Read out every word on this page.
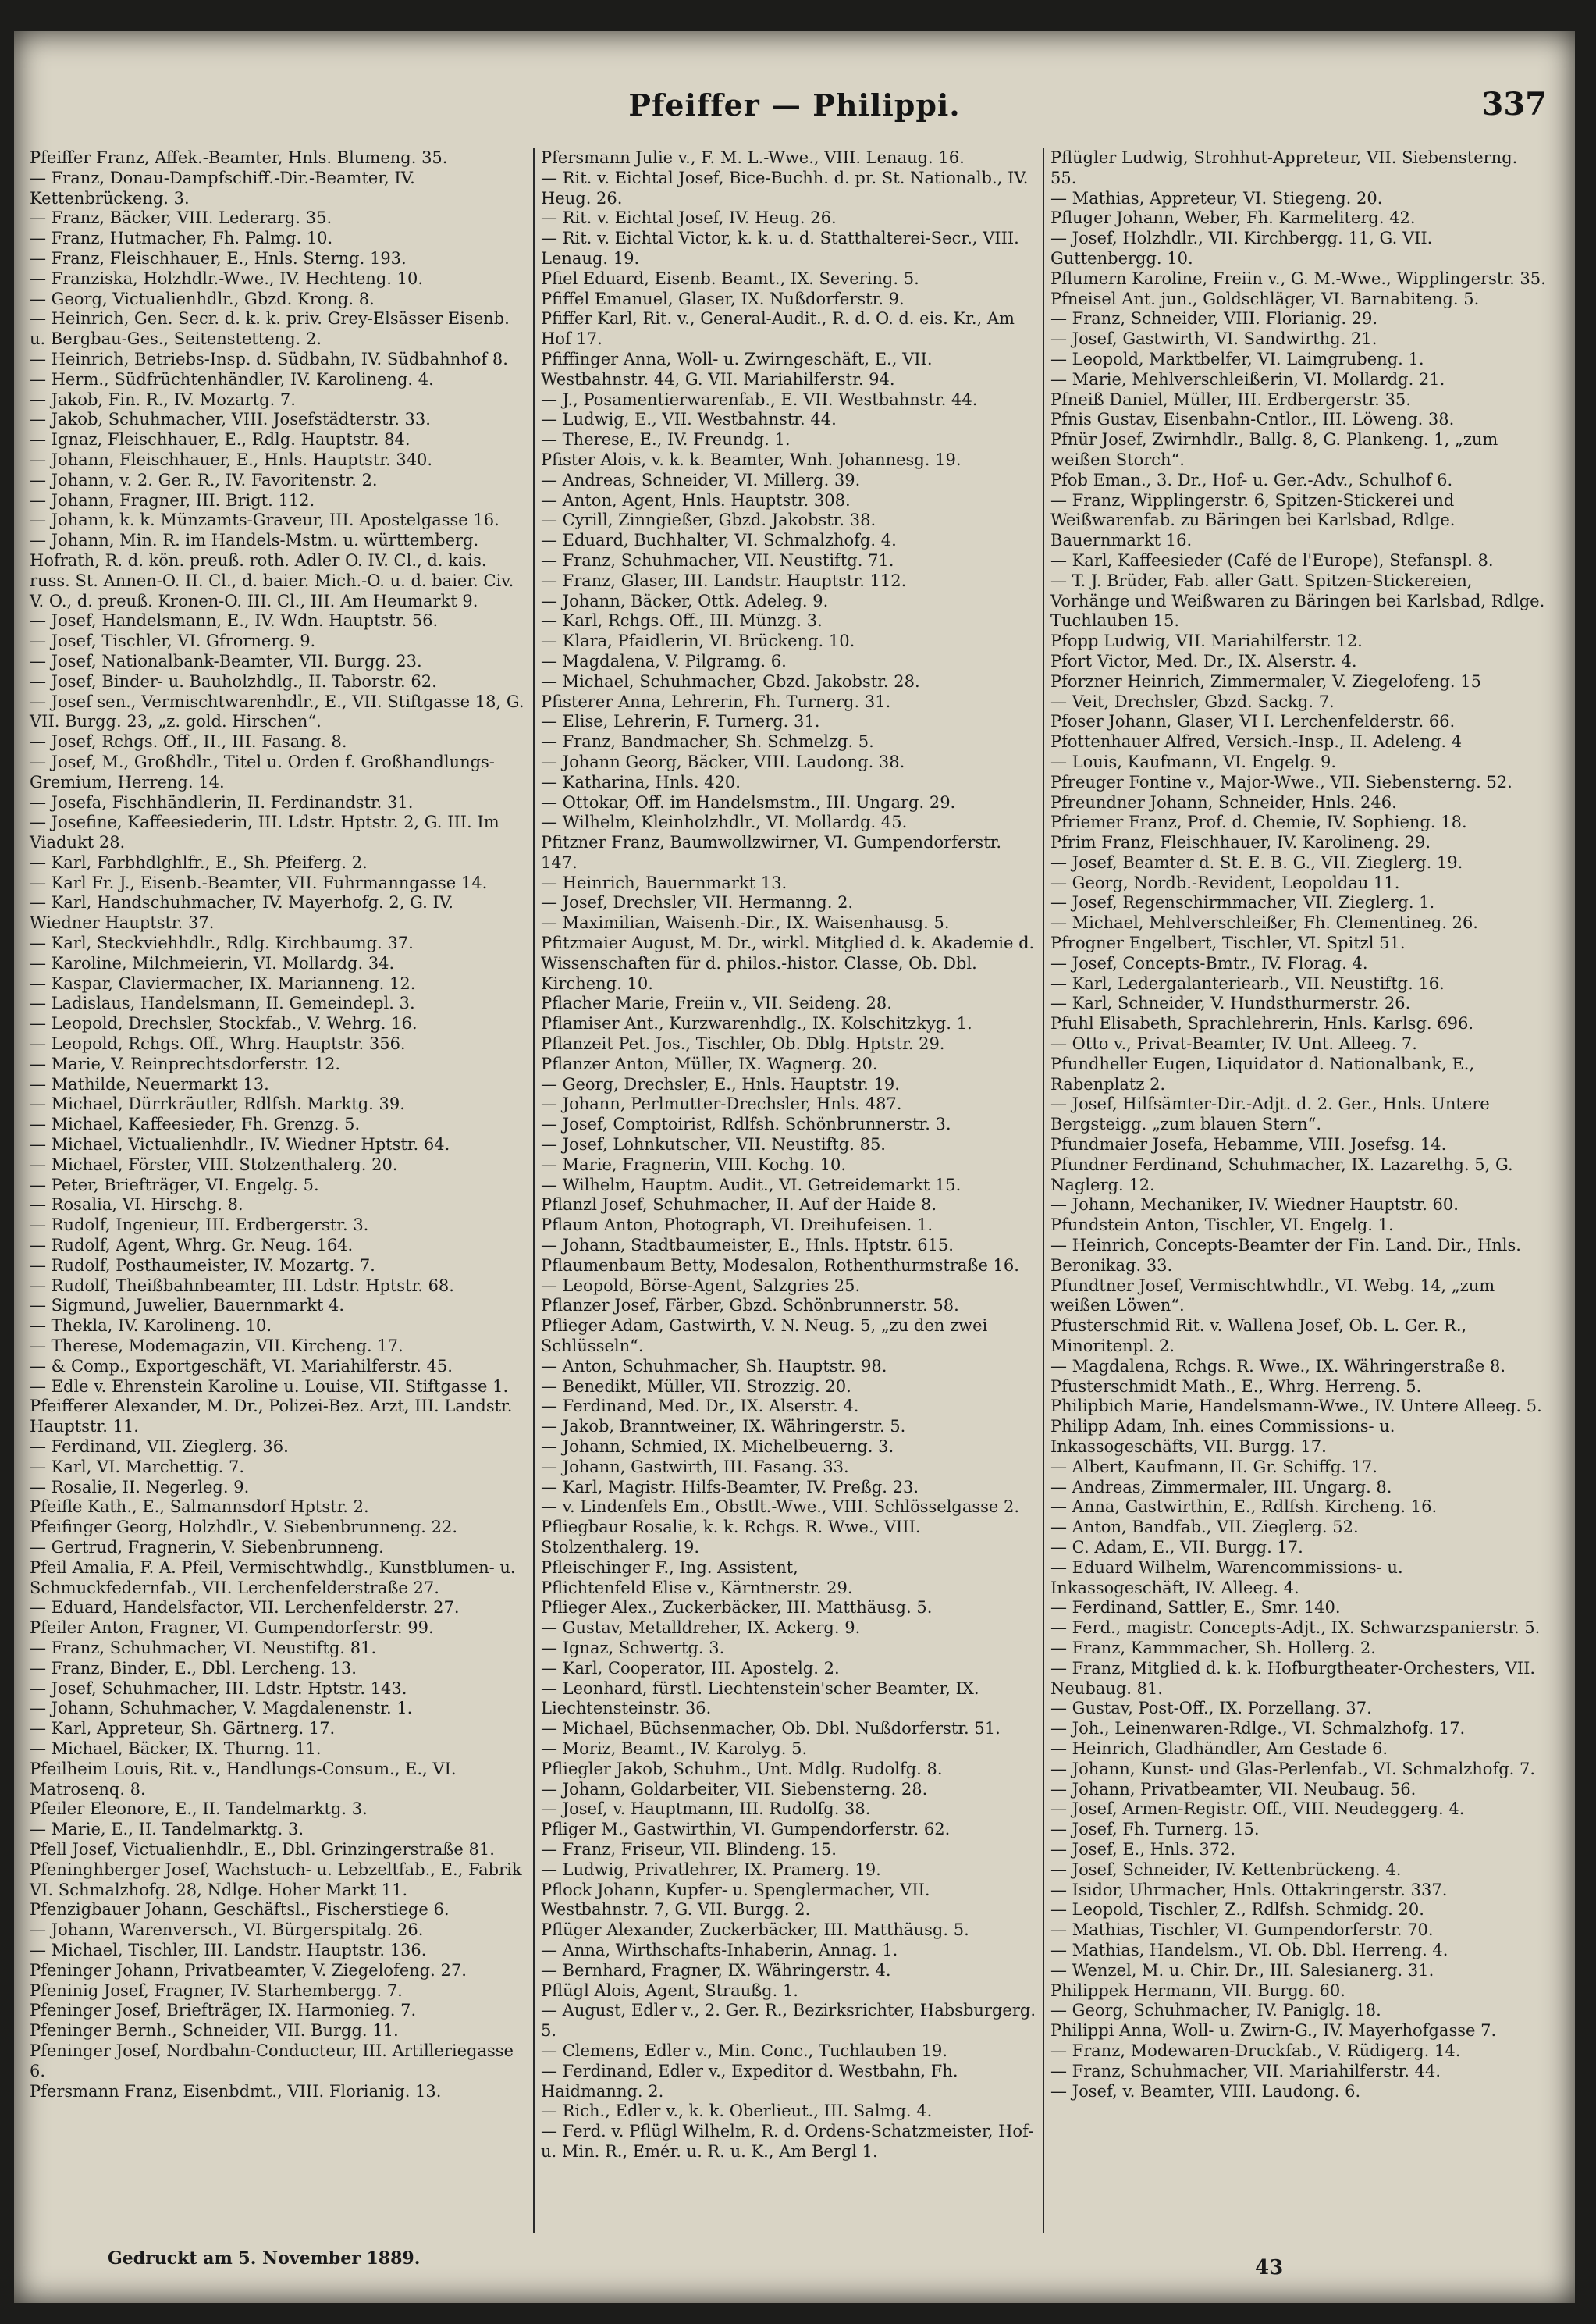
Pfeiffer — Philippi.	337

Pfeiffer Franz, Affek.-Beamter, Hnls. Blumeng. 35.

— Franz, Donau-Dampfschiff.-Dir.-Beamter, IV. Kettenbrückeng. 3.

— Franz, Bäcker, VIII. Lederarg. 35.

— Franz, Hutmacher, Fh. Palmg. 10.

— Franz, Fleischhauer, E., Hnls. Sterng. 193.

— Franziska, Holzhdlr.-Wwe., IV. Hechteng. 10.

— Georg, Victualienhdlr., Gbzd. Krong. 8.

— Heinrich, Gen. Secr. d. k. k. priv. Grey-Elsässer Eisenb. u. Bergbau-Ges., Seitenstetteng. 2.

— Heinrich, Betriebs-Insp. d. Südbahn, IV. Südbahnhof 8.

— Herm., Südfrüchtenhändler, IV. Karolineng. 4.

— Jakob, Fin. R., IV. Mozartg. 7.

— Jakob, Schuhmacher, VIII. Josefstädterstr. 33.

— Ignaz, Fleischhauer, E., Rdlg. Hauptstr. 84.

— Johann, Fleischhauer, E., Hnls. Hauptstr. 340.

— Johann, v. 2. Ger. R., IV. Favoritenstr. 2.

— Johann, Fragner, III. Brigt. 112.

— Johann, k. k. Münzamts-Graveur, III. Apostelgasse 16.

— Johann, Min. R. im Handels-Mstm. u. württemberg. Hofrath, R. d. kön. preuß. roth. Adler O. IV. Cl., d. kais. russ. St. Annen-O. II. Cl., d. baier. Mich.-O. u. d. baier. Civ. V. O., d. preuß. Kronen-O. III. Cl., III. Am Heumarkt 9.

— Josef, Handelsmann, E., IV. Wdn. Hauptstr. 56.

— Josef, Tischler, VI. Gfrornerg. 9.

— Josef, Nationalbank-Beamter, VII. Burgg. 23.

— Josef, Binder- u. Bauholzhdlg., II. Taborstr. 62.

— Josef sen., Vermischtwarenhdlr., E., VII. Stiftgasse 18, G. VII. Burgg. 23, „z. gold. Hirschen“.

— Josef, Rchgs. Off., II., III. Fasang. 8.

— Josef, M., Großhdlr., Titel u. Orden f. Großhandlungs-Gremium, Herreng. 14.

— Josefa, Fischhändlerin, II. Ferdinandstr. 31.

— Josefine, Kaffeesiederin, III. Ldstr. Hptstr. 2, G. III. Im Viadukt 28.

— Karl, Farbhdlghlfr., E., Sh. Pfeiferg. 2.

— Karl Fr. J., Eisenb.-Beamter, VII. Fuhrmanngasse 14.

— Karl, Handschuhmacher, IV. Mayerhofg. 2, G. IV. Wiedner Hauptstr. 37.

— Karl, Steckviehhdlr., Rdlg. Kirchbaumg. 37.

— Karoline, Milchmeierin, VI. Mollardg. 34.

— Kaspar, Claviermacher, IX. Marianneng. 12.

— Ladislaus, Handelsmann, II. Gemeindepl. 3.

— Leopold, Drechsler, Stockfab., V. Wehrg. 16.

— Leopold, Rchgs. Off., Whrg. Hauptstr. 356.

— Marie, V. Reinprechtsdorferstr. 12.

— Mathilde, Neuermarkt 13.

— Michael, Dürrkräutler, Rdlfsh. Marktg. 39.

— Michael, Kaffeesieder, Fh. Grenzg. 5.

— Michael, Victualienhdlr., IV. Wiedner Hptstr. 64.

— Michael, Förster, VIII. Stolzenthalerg. 20.

— Peter, Briefträger, VI. Engelg. 5.

— Rosalia, VI. Hirschg. 8.

— Rudolf, Ingenieur, III. Erdbergerstr. 3.

— Rudolf, Agent, Whrg. Gr. Neug. 164.

— Rudolf, Posthaumeister, IV. Mozartg. 7.

— Rudolf, Theißbahnbeamter, III. Ldstr. Hptstr. 68.

— Sigmund, Juwelier, Bauernmarkt 4.

— Thekla, IV. Karolineng. 10.

— Therese, Modemagazin, VII. Kircheng. 17.

— & Comp., Exportgeschäft, VI. Mariahilferstr. 45.

— Edle v. Ehrenstein Karoline u. Louise, VII. Stiftgasse 1.

Pfeifferer Alexander, M. Dr., Polizei-Bez. Arzt, III. Landstr. Hauptstr. 11.

— Ferdinand, VII. Zieglerg. 36.

— Karl, VI. Marchettig. 7.

— Rosalie, II. Negerleg. 9.

Pfeifle Kath., E., Salmannsdorf Hptstr. 2.

Pfeifinger Georg, Holzhdlr., V. Siebenbrunneng. 22.

— Gertrud, Fragnerin, V. Siebenbrunneng.

Pfeil Amalia, F. A. Pfeil, Vermischtwhdlg., Kunstblumen- u. Schmuckfedernfab., VII. Lerchenfelderstraße 27.

— Eduard, Handelsfactor, VII. Lerchenfelderstr. 27.

Pfeiler Anton, Fragner, VI. Gumpendorferstr. 99.

— Franz, Schuhmacher, VI. Neustiftg. 81.

— Franz, Binder, E., Dbl. Lercheng. 13.

— Josef, Schuhmacher, III. Ldstr. Hptstr. 143.

— Johann, Schuhmacher, V. Magdalenenstr. 1.

— Karl, Appreteur, Sh. Gärtnerg. 17.

— Michael, Bäcker, IX. Thurng. 11.

Pfeilheim Louis, Rit. v., Handlungs-Consum., E., VI. Matrosenq. 8.

Pfeiler Eleonore, E., II. Tandelmarktg. 3.

— Marie, E., II. Tandelmarktg. 3.

Pfell Josef, Victualienhdlr., E., Dbl. Grinzingerstraße 81.

Pfeninghberger Josef, Wachstuch- u. Lebzeltfab., E., Fabrik VI. Schmalzhofg. 28, Ndlge. Hoher Markt 11.

Pfenzigbauer Johann, Geschäftsl., Fischerstiege 6.

— Johann, Warenversch., VI. Bürgerspitalg. 26.

— Michael, Tischler, III. Landstr. Hauptstr. 136.

Pfeninger Johann, Privatbeamter, V. Ziegelofeng. 27.

Pfeninig Josef, Fragner, IV. Starhembergg. 7.

Pfeninger Josef, Briefträger, IX. Harmonieg. 7.

Pfeninger Bernh., Schneider, VII. Burgg. 11.

Pfeninger Josef, Nordbahn-Conducteur, III. Artilleriegasse 6.

Pfersmann Franz, Eisenbdmt., VIII. Florianig. 13.

Pfersmann Julie v., F. M. L.-Wwe., VIII. Lenaug. 16.

— Rit. v. Eichtal Josef, Bice-Buchh. d. pr. St. Nationalb., IV. Heug. 26.

— Rit. v. Eichtal Josef, IV. Heug. 26.

— Rit. v. Eichtal Victor, k. k. u. d. Statthalterei-Secr., VIII. Lenaug. 19.

Pfiel Eduard, Eisenb. Beamt., IX. Severing. 5.

Pfiffel Emanuel, Glaser, IX. Nußdorferstr. 9.

Pfiffer Karl, Rit. v., General-Audit., R. d. O. d. eis. Kr., Am Hof 17.

Pfiffinger Anna, Woll- u. Zwirngeschäft, E., VII. Westbahnstr. 44, G. VII. Mariahilferstr. 94.

— J., Posamentierwarenfab., E. VII. Westbahnstr. 44.

— Ludwig, E., VII. Westbahnstr. 44.

— Therese, E., IV. Freundg. 1.

Pfister Alois, v. k. k. Beamter, Wnh. Johannesg. 19.

— Andreas, Schneider, VI. Millerg. 39.

— Anton, Agent, Hnls. Hauptstr. 308.

— Cyrill, Zinngießer, Gbzd. Jakobstr. 38.

— Eduard, Buchhalter, VI. Schmalzhofg. 4.

— Franz, Schuhmacher, VII. Neustiftg. 71.

— Franz, Glaser, III. Landstr. Hauptstr. 112.

— Johann, Bäcker, Ottk. Adeleg. 9.

— Karl, Rchgs. Off., III. Münzg. 3.

— Klara, Pfaidlerin, VI. Brückeng. 10.

— Magdalena, V. Pilgramg. 6.

— Michael, Schuhmacher, Gbzd. Jakobstr. 28.

Pfisterer Anna, Lehrerin, Fh. Turnerg. 31.

— Elise, Lehrerin, F. Turnerg. 31.

— Franz, Bandmacher, Sh. Schmelzg. 5.

— Johann Georg, Bäcker, VIII. Laudong. 38.

— Katharina, Hnls. 420.

— Ottokar, Off. im Handelsmstm., III. Ungarg. 29.

— Wilhelm, Kleinholzhdlr., VI. Mollardg. 45.

Pfitzner Franz, Baumwollzwirner, VI. Gumpendorferstr. 147.

— Heinrich, Bauernmarkt 13.

— Josef, Drechsler, VII. Hermanng. 2.

— Maximilian, Waisenh.-Dir., IX. Waisenhausg. 5.

Pfitzmaier August, M. Dr., wirkl. Mitglied d. k. Akademie d. Wissenschaften für d. philos.-histor. Classe, Ob. Dbl. Kircheng. 10.

Pflacher Marie, Freiin v., VII. Seideng. 28.

Pflamiser Ant., Kurzwarenhdlg., IX. Kolschitzkyg. 1.

Pflanzeit Pet. Jos., Tischler, Ob. Dblg. Hptstr. 29.

Pflanzer Anton, Müller, IX. Wagnerg. 20.

— Georg, Drechsler, E., Hnls. Hauptstr. 19.

— Johann, Perlmutter-Drechsler, Hnls. 487.

— Josef, Comptoirist, Rdlfsh. Schönbrunnerstr. 3.

— Josef, Lohnkutscher, VII. Neustiftg. 85.

— Marie, Fragnerin, VIII. Kochg. 10.

— Wilhelm, Hauptm. Audit., VI. Getreidemarkt 15.

Pflanzl Josef, Schuhmacher, II. Auf der Haide 8.

Pflaum Anton, Photograph, VI. Dreihufeisen. 1.

— Johann, Stadtbaumeister, E., Hnls. Hptstr. 615.

Pflaumenbaum Betty, Modesalon, Rothenthurmstraße 16.

— Leopold, Börse-Agent, Salzgries 25.

Pflanzer Josef, Färber, Gbzd. Schönbrunnerstr. 58.

Pflieger Adam, Gastwirth, V. N. Neug. 5, „zu den zwei Schlüsseln“.

— Anton, Schuhmacher, Sh. Hauptstr. 98.

— Benedikt, Müller, VII. Strozzig. 20.

— Ferdinand, Med. Dr., IX. Alserstr. 4.

— Jakob, Branntweiner, IX. Währingerstr. 5.

— Johann, Schmied, IX. Michelbeuerng. 3.

— Johann, Gastwirth, III. Fasang. 33.

— Karl, Magistr. Hilfs-Beamter, IV. Preßg. 23.

— v. Lindenfels Em., Obstlt.-Wwe., VIII. Schlösselgasse 2.

Pfliegbaur Rosalie, k. k. Rchgs. R. Wwe., VIII. Stolzenthalerg. 19.

Pfleischinger F., Ing. Assistent,

Pflichtenfeld Elise v., Kärntnerstr. 29.

Pflieger Alex., Zuckerbäcker, III. Matthäusg. 5.

— Gustav, Metalldreher, IX. Ackerg. 9.

— Ignaz, Schwertg. 3.

— Karl, Cooperator, III. Apostelg. 2.

— Leonhard, fürstl. Liechtenstein'scher Beamter, IX. Liechtensteinstr. 36.

— Michael, Büchsenmacher, Ob. Dbl. Nußdorferstr. 51.

— Moriz, Beamt., IV. Karolyg. 5.

Pfliegler Jakob, Schuhm., Unt. Mdlg. Rudolfg. 8.

— Johann, Goldarbeiter, VII. Siebensterng. 28.

— Josef, v. Hauptmann, III. Rudolfg. 38.

Pfliger M., Gastwirthin, VI. Gumpendorferstr. 62.

— Franz, Friseur, VII. Blindeng. 15.

— Ludwig, Privatlehrer, IX. Pramerg. 19.

Pflock Johann, Kupfer- u. Spenglermacher, VII. Westbahnstr. 7, G. VII. Burgg. 2.

Pflüger Alexander, Zuckerbäcker, III. Matthäusg. 5.

— Anna, Wirthschafts-Inhaberin, Annag. 1.

— Bernhard, Fragner, IX. Währingerstr. 4.

Pflügl Alois, Agent, Straußg. 1.

— August, Edler v., 2. Ger. R., Bezirksrichter, Habsburgerg. 5.

— Clemens, Edler v., Min. Conc., Tuchlauben 19.

— Ferdinand, Edler v., Expeditor d. Westbahn, Fh. Haidmanng. 2.

— Rich., Edler v., k. k. Oberlieut., III. Salmg. 4.

— Ferd. v. Pflügl Wilhelm, R. d. Ordens-Schatzmeister, Hof- u. Min. R., Emér. u. R. u. K., Am Bergl 1.

Pflügler Ludwig, Strohhut-Appreteur, VII. Siebensterng. 55.

— Mathias, Appreteur, VI. Stiegeng. 20.

Pfluger Johann, Weber, Fh. Karmeliterg. 42.

— Josef, Holzhdlr., VII. Kirchbergg. 11, G. VII. Guttenbergg. 10.

Pflumern Karoline, Freiin v., G. M.-Wwe., Wipplingerstr. 35.

Pfneisel Ant. jun., Goldschläger, VI. Barnabiteng. 5.

— Franz, Schneider, VIII. Florianig. 29.

— Josef, Gastwirth, VI. Sandwirthg. 21.

— Leopold, Marktbelfer, VI. Laimgrubeng. 1.

— Marie, Mehlverschleißerin, VI. Mollardg. 21.

Pfneiß Daniel, Müller, III. Erdbergerstr. 35.

Pfnis Gustav, Eisenbahn-Cntlor., III. Löweng. 38.

Pfnür Josef, Zwirnhdlr., Ballg. 8, G. Plankeng. 1, „zum weißen Storch“.

Pfob Eman., 3. Dr., Hof- u. Ger.-Adv., Schulhof 6.

— Franz, Wipplingerstr. 6, Spitzen-Stickerei und Weißwarenfab. zu Bäringen bei Karlsbad, Rdlge. Bauernmarkt 16.

— Karl, Kaffeesieder (Café de l'Europe), Stefanspl. 8.

— T. J. Brüder, Fab. aller Gatt. Spitzen-Stickereien, Vorhänge und Weißwaren zu Bäringen bei Karlsbad, Rdlge. Tuchlauben 15.

Pfopp Ludwig, VII. Mariahilferstr. 12.

Pfort Victor, Med. Dr., IX. Alserstr. 4.

Pforzner Heinrich, Zimmermaler, V. Ziegelofeng. 15

— Veit, Drechsler, Gbzd. Sackg. 7.

Pfoser Johann, Glaser, VI I. Lerchenfelderstr. 66.

Pfottenhauer Alfred, Versich.-Insp., II. Adeleng. 4

— Louis, Kaufmann, VI. Engelg. 9.

Pfreuger Fontine v., Major-Wwe., VII. Siebensterng. 52.

Pfreundner Johann, Schneider, Hnls. 246.

Pfriemer Franz, Prof. d. Chemie, IV. Sophieng. 18.

Pfrim Franz, Fleischhauer, IV. Karolineng. 29.

— Josef, Beamter d. St. E. B. G., VII. Zieglerg. 19.

— Georg, Nordb.-Revident, Leopoldau 11.

— Josef, Regenschirmmacher, VII. Zieglerg. 1.

— Michael, Mehlverschleißer, Fh. Clementineg. 26.

Pfrogner Engelbert, Tischler, VI. Spitzl 51.

— Josef, Concepts-Bmtr., IV. Florag. 4.

— Karl, Ledergalanteriearb., VII. Neustiftg. 16.

— Karl, Schneider, V. Hundsthurmerstr. 26.

Pfuhl Elisabeth, Sprachlehrerin, Hnls. Karlsg. 696.

— Otto v., Privat-Beamter, IV. Unt. Alleeg. 7.

Pfundheller Eugen, Liquidator d. Nationalbank, E., Rabenplatz 2.

— Josef, Hilfsämter-Dir.-Adjt. d. 2. Ger., Hnls. Untere Bergsteigg. „zum blauen Stern“.

Pfundmaier Josefa, Hebamme, VIII. Josefsg. 14.

Pfundner Ferdinand, Schuhmacher, IX. Lazarethg. 5, G. Naglerg. 12.

— Johann, Mechaniker, IV. Wiedner Hauptstr. 60.

Pfundstein Anton, Tischler, VI. Engelg. 1.

— Heinrich, Concepts-Beamter der Fin. Land. Dir., Hnls. Beronikag. 33.

Pfundtner Josef, Vermischtwhdlr., VI. Webg. 14, „zum weißen Löwen“.

Pfusterschmid Rit. v. Wallena Josef, Ob. L. Ger. R., Minoritenpl. 2.

— Magdalena, Rchgs. R. Wwe., IX. Währingerstraße 8.

Pfusterschmidt Math., E., Whrg. Herreng. 5.

Philipbich Marie, Handelsmann-Wwe., IV. Untere Alleeg. 5.

Philipp Adam, Inh. eines Commissions- u. Inkassogeschäfts, VII. Burgg. 17.

— Albert, Kaufmann, II. Gr. Schiffg. 17.

— Andreas, Zimmermaler, III. Ungarg. 8.

— Anna, Gastwirthin, E., Rdlfsh. Kircheng. 16.

— Anton, Bandfab., VII. Zieglerg. 52.

— C. Adam, E., VII. Burgg. 17.

— Eduard Wilhelm, Warencommissions- u. Inkassogeschäft, IV. Alleeg. 4.

— Ferdinand, Sattler, E., Smr. 140.

— Ferd., magistr. Concepts-Adjt., IX. Schwarzspanierstr. 5.

— Franz, Kammmacher, Sh. Hollerg. 2.

— Franz, Mitglied d. k. k. Hofburgtheater-Orchesters, VII. Neubaug. 81.

— Gustav, Post-Off., IX. Porzellang. 37.

— Joh., Leinenwaren-Rdlge., VI. Schmalzhofg. 17.

— Heinrich, Gladhändler, Am Gestade 6.

— Johann, Kunst- und Glas-Perlenfab., VI. Schmalzhofg. 7.

— Johann, Privatbeamter, VII. Neubaug. 56.

— Josef, Armen-Registr. Off., VIII. Neudeggerg. 4.

— Josef, Fh. Turnerg. 15.

— Josef, E., Hnls. 372.

— Josef, Schneider, IV. Kettenbrückeng. 4.

— Isidor, Uhrmacher, Hnls. Ottakringerstr. 337.

— Leopold, Tischler, Z., Rdlfsh. Schmidg. 20.

— Mathias, Tischler, VI. Gumpendorferstr. 70.

— Mathias, Handelsm., VI. Ob. Dbl. Herreng. 4.

— Wenzel, M. u. Chir. Dr., III. Salesianerg. 31.

Philippek Hermann, VII. Burgg. 60.

— Georg, Schuhmacher, IV. Paniglg. 18.

Philippi Anna, Woll- u. Zwirn-G., IV. Mayerhofgasse 7.

— Franz, Modewaren-Druckfab., V. Rüdigerg. 14.

— Franz, Schuhmacher, VII. Mariahilferstr. 44.

— Josef, v. Beamter, VIII. Laudong. 6.

Gedruckt am 5. November 1889.	43
